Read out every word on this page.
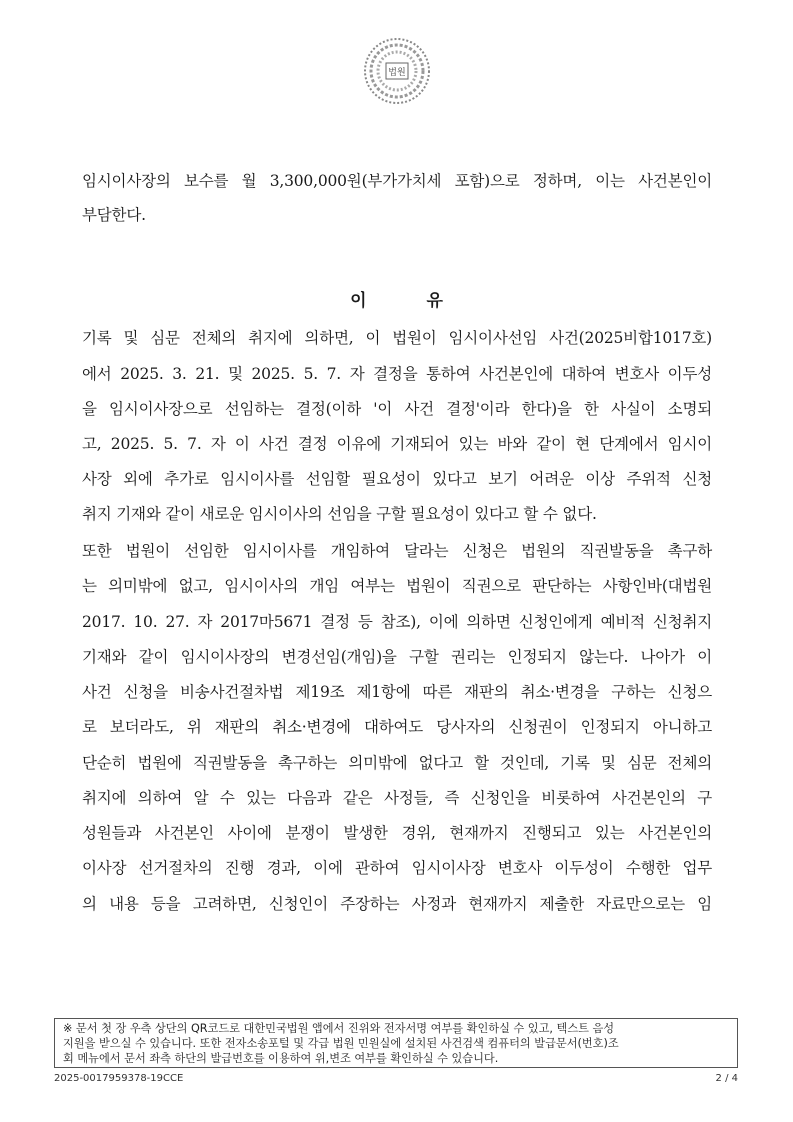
법원
임시이사장의 보수를 월 3,300,000원(부가가치세 포함)으로 정하며, 이는 사건본인이
부담한다.
이	유
기록 및 심문 전체의 취지에 의하면, 이 법원이 임시이사선임 사건(2025비합1017호)
에서 2025. 3. 21. 및 2025. 5. 7. 자 결정을 통하여 사건본인에 대하여 변호사 이두성
을 임시이사장으로 선임하는 결정(이하 '이 사건 결정'이라 한다)을 한 사실이 소명되
고, 2025. 5. 7. 자 이 사건 결정 이유에 기재되어 있는 바와 같이 현 단계에서 임시이
사장 외에 추가로 임시이사를 선임할 필요성이 있다고 보기 어려운 이상 주위적 신청
취지 기재와 같이 새로운 임시이사의 선임을 구할 필요성이 있다고 할 수 없다.
또한 법원이 선임한 임시이사를 개임하여 달라는 신청은 법원의 직권발동을 촉구하
는 의미밖에 없고, 임시이사의 개임 여부는 법원이 직권으로 판단하는 사항인바(대법원
2017. 10. 27. 자 2017마5671 결정 등 참조), 이에 의하면 신청인에게 예비적 신청취지
기재와 같이 임시이사장의 변경선임(개임)을 구할 권리는 인정되지 않는다. 나아가 이
사건 신청을 비송사건절차법 제19조 제1항에 따른 재판의 취소·변경을 구하는 신청으
로 보더라도, 위 재판의 취소·변경에 대하여도 당사자의 신청권이 인정되지 아니하고
단순히 법원에 직권발동을 촉구하는 의미밖에 없다고 할 것인데, 기록 및 심문 전체의
취지에 의하여 알 수 있는 다음과 같은 사정들, 즉 신청인을 비롯하여 사건본인의 구
성원들과 사건본인 사이에 분쟁이 발생한 경위, 현재까지 진행되고 있는 사건본인의
이사장 선거절차의 진행 경과, 이에 관하여 임시이사장 변호사 이두성이 수행한 업무
의 내용 등을 고려하면, 신청인이 주장하는 사정과 현재까지 제출한 자료만으로는 임
※ 문서 첫 장 우측 상단의 QR코드로 대한민국법원 앱에서 진위와 전자서명 여부를 확인하실 수 있고, 텍스트 음성
지원을 받으실 수 있습니다. 또한 전자소송포털 및 각급 법원 민원실에 설치된 사건검색 컴퓨터의 발급문서(번호)조
회 메뉴에서 문서 좌측 하단의 발급번호를 이용하여 위,변조 여부를 확인하실 수 있습니다.
2025-0017959378-19CCE	2 / 4
